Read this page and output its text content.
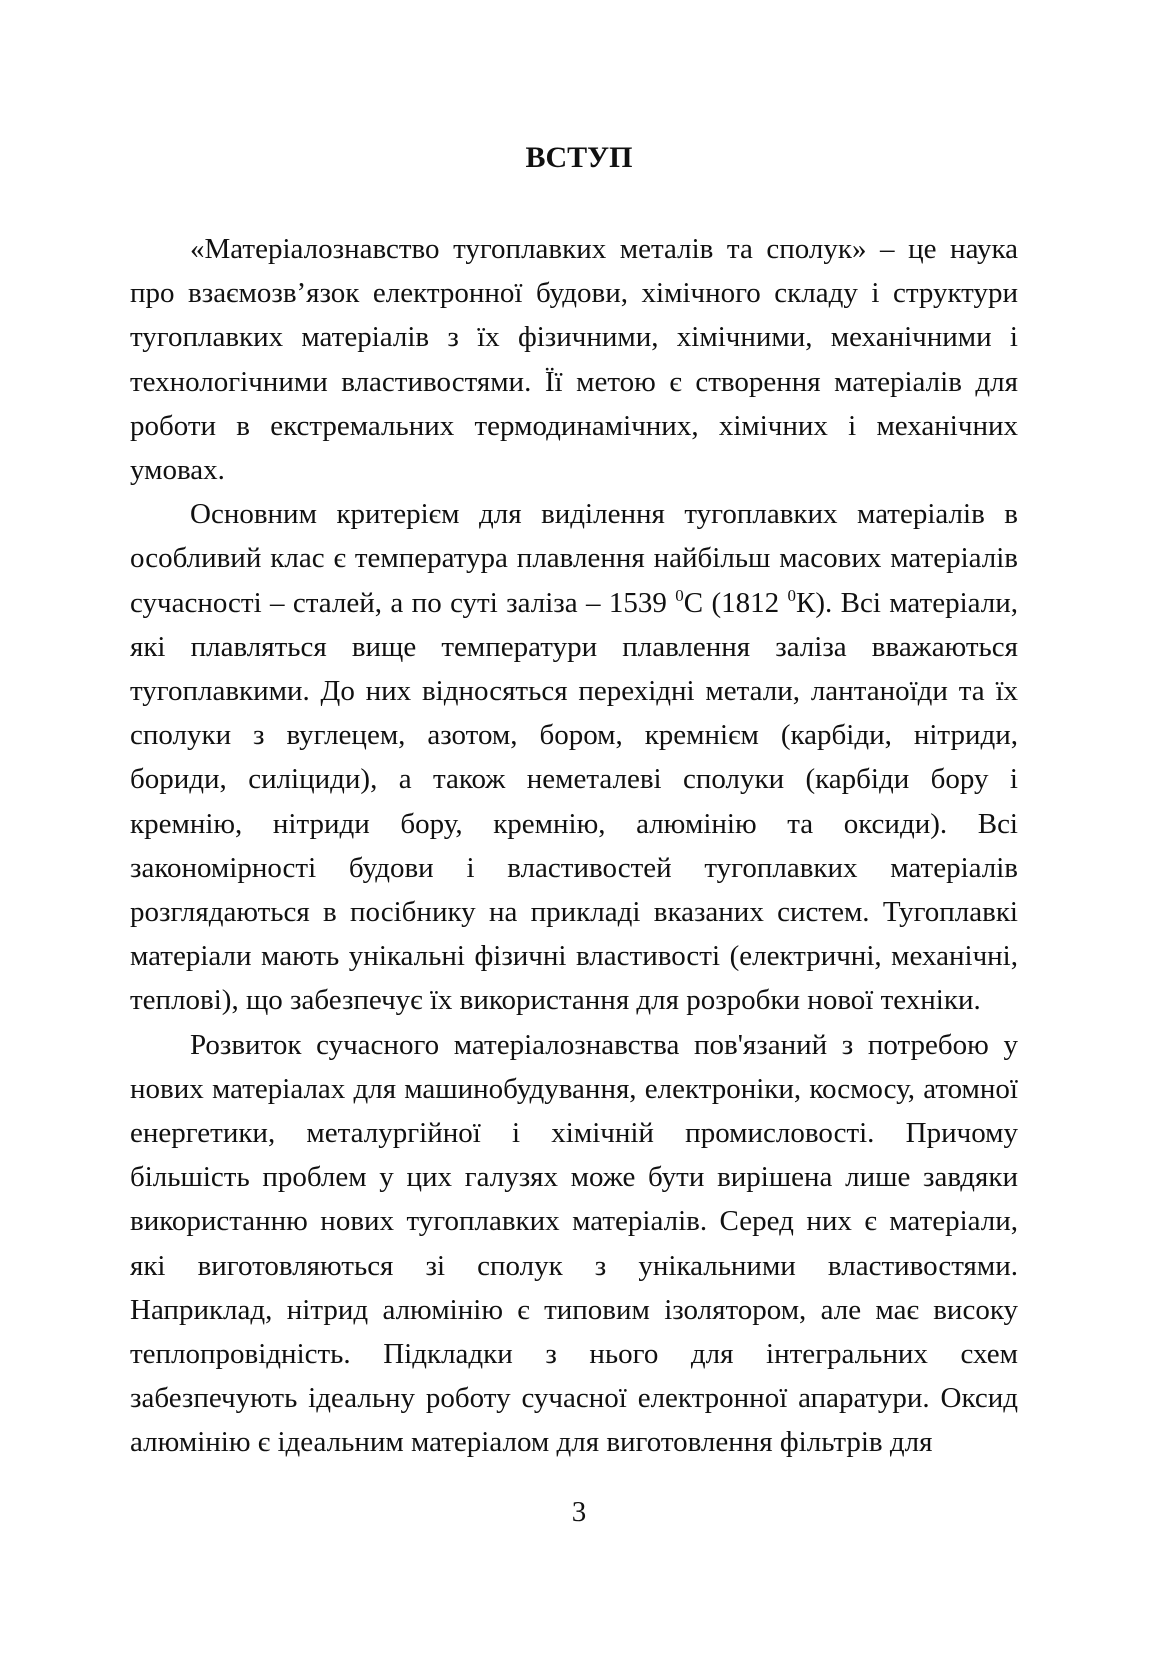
ВСТУП

«Матеріалознавство тугоплавких металів та сполук» – це наука про взаємозв’язок електронної будови, хімічного складу і структури тугоплавких матеріалів з їх фізичними, хімічними, механічними і технологічними властивостями. Її метою є створення матеріалів для роботи в екстремальних термодинамічних, хімічних і механічних умовах.

Основним критерієм для виділення тугоплавких матеріалів в особливий клас є температура плавлення найбільш масових матеріалів сучасності – сталей, а по суті заліза – 1539 $^0$С (1812 $^0$К). Всі матеріали, які плавляться вище температури плавлення заліза вважаються тугоплавкими. До них відносяться перехідні метали, лантаноїди та їх сполуки з вуглецем, азотом, бором, кремнієм (карбіди, нітриди, бориди, силіциди), а також неметалеві сполуки (карбіди бору і кремнію, нітриди бору, кремнію, алюмінію та оксиди). Всі закономірності будови і властивостей тугоплавких матеріалів розглядаються в посібнику на прикладі вказаних систем. Тугоплавкі матеріали мають унікальні фізичні властивості (електричні, механічні, теплові), що забезпечує їх використання для розробки нової техніки.

Розвиток сучасного матеріалознавства пов'язаний з потребою у нових матеріалах для машинобудування, електроніки, космосу, атомної енергетики, металургійної і хімічній промисловості. Причому більшість проблем у цих галузях може бути вирішена лише завдяки використанню нових тугоплавких матеріалів. Серед них є матеріали, які виготовляються зі сполук з унікальними властивостями. Наприклад, нітрид алюмінію є типовим ізолятором, але має високу теплопровідність. Підкладки з нього для інтегральних схем забезпечують ідеальну роботу сучасної електронної апаратури. Оксид алюмінію є ідеальним матеріалом для виготовлення фільтрів для

3
